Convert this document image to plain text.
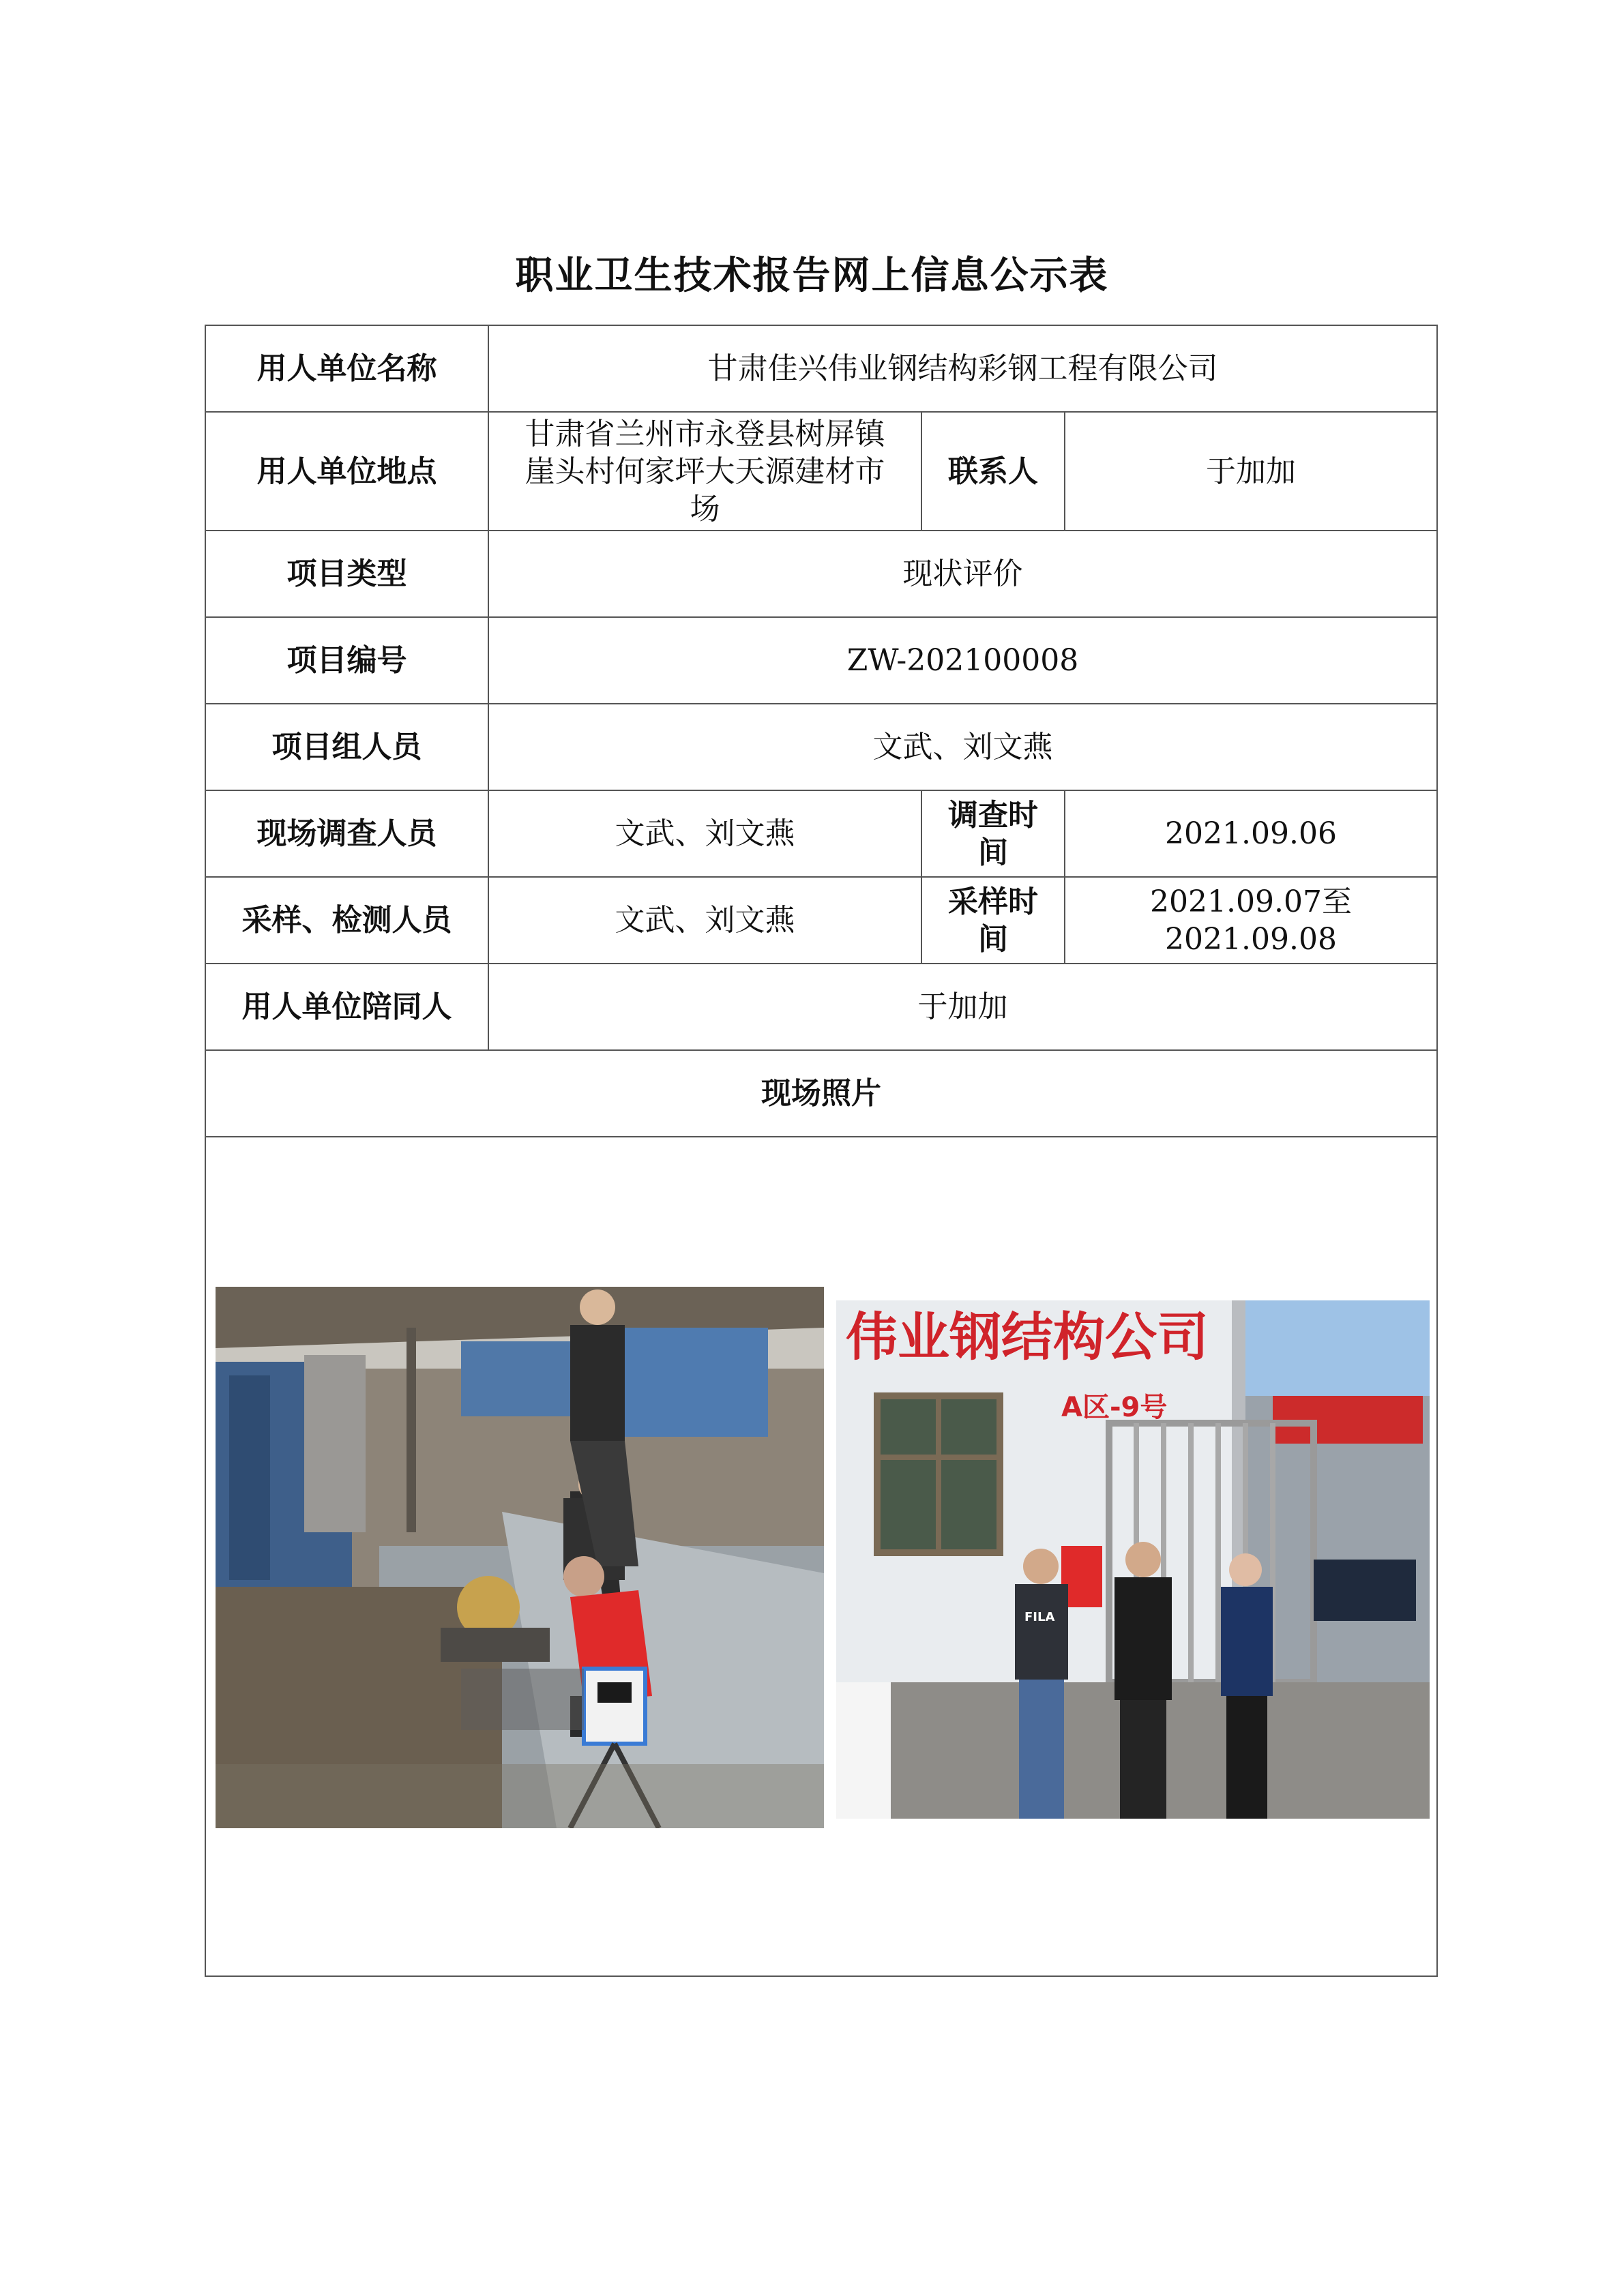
职业卫生技术报告网上信息公示表
用人单位名称	甘肃佳兴伟业钢结构彩钢工程有限公司		
用人单位地点	甘肃省兰州市永登县树屏镇崖头村何家坪大天源建材市场	联系人	于加加
项目类型	现状评价		
项目编号	ZW-202100008		
项目组人员	文武、刘文燕		
现场调查人员	文武、刘文燕	调查时间	2021.09.06
采样、检测人员	文武、刘文燕	采样时间	2021.09.07至2021.09.08
用人单位陪同人	于加加		
现场照片			

伟业钢结构公司
A区-9号
FILA			
